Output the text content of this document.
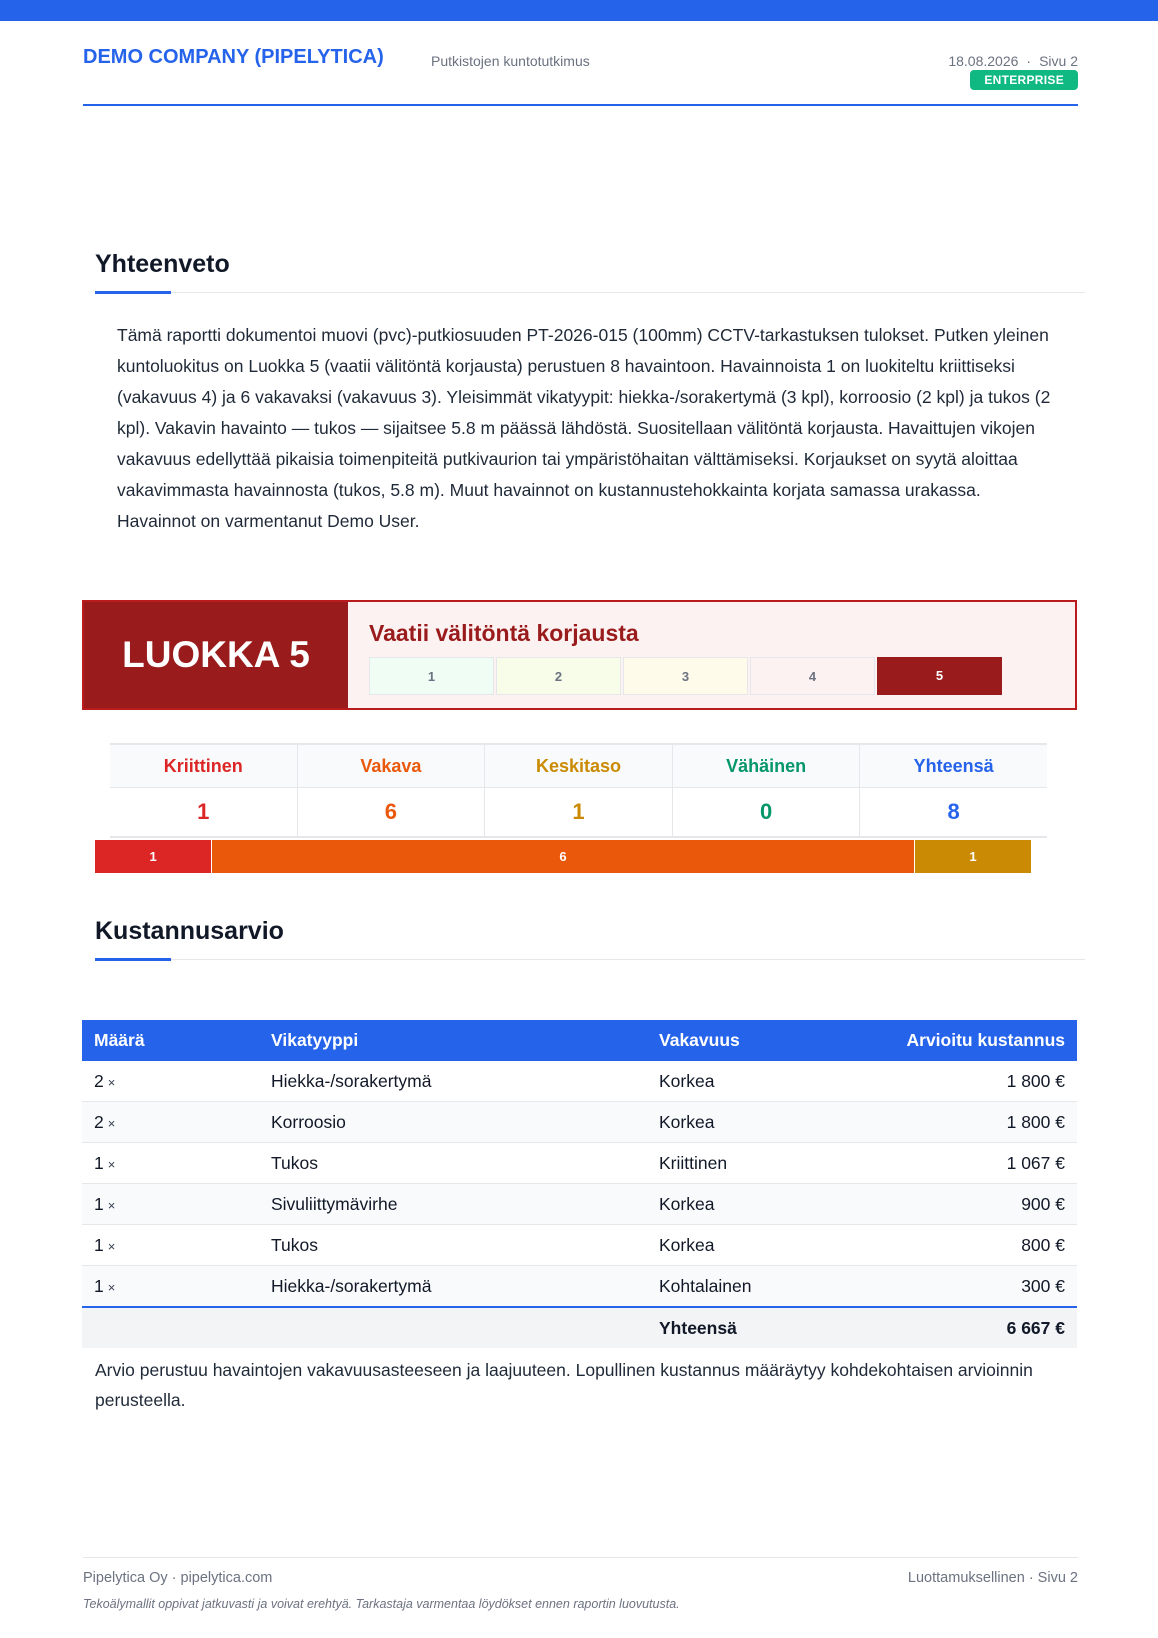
DEMO COMPANY (PIPELYTICA)	Putkistojen kuntotutkimus	18.08.2026 · Sivu 2
ENTERPRISE
Yhteenveto
Tämä raportti dokumentoi muovi (pvc)-putkiosuuden PT-2026-015 (100mm) CCTV-tarkastuksen tulokset. Putken yleinen kuntoluokitus on Luokka 5 (vaatii välitöntä korjausta) perustuen 8 havaintoon. Havainnoista 1 on luokiteltu kriittiseksi (vakavuus 4) ja 6 vakavaksi (vakavuus 3). Yleisimmät vikatyypit: hiekka-/sorakertymä (3 kpl), korroosio (2 kpl) ja tukos (2 kpl). Vakavin havainto — tukos — sijaitsee 5.8 m päässä lähdöstä. Suositellaan välitöntä korjausta. Havaittujen vikojen vakavuus edellyttää pikaisia toimenpiteitä putkivaurion tai ympäristöhaitan välttämiseksi. Korjaukset on syytä aloittaa vakavimmasta havainnosta (tukos, 5.8 m). Muut havainnot on kustannustehokkainta korjata samassa urakassa. Havainnot on varmentanut Demo User.
LUOKKA 5
Vaatii välitöntä korjausta
1	2	3	4	5
Kriittinen	Vakava	Keskitaso	Vähäinen	Yhteensä
1	6	1	0	8
1	6	1
Kustannusarvio
Määrä	Vikatyyppi	Vakavuus	Arvioitu kustannus
2 ×	Hiekka-/sorakertymä	Korkea	1 800 €
2 ×	Korroosio	Korkea	1 800 €
1 ×	Tukos	Kriittinen	1 067 €
1 ×	Sivuliittymävirhe	Korkea	900 €
1 ×	Tukos	Korkea	800 €
1 ×	Hiekka-/sorakertymä	Kohtalainen	300 €
		Yhteensä	6 667 €
Arvio perustuu havaintojen vakavuusasteeseen ja laajuuteen. Lopullinen kustannus määräytyy kohdekohtaisen arvioinnin perusteella.
Pipelytica Oy · pipelytica.com	Luottamuksellinen · Sivu 2
Tekoälymallit oppivat jatkuvasti ja voivat erehtyä. Tarkastaja varmentaa löydökset ennen raportin luovutusta.
